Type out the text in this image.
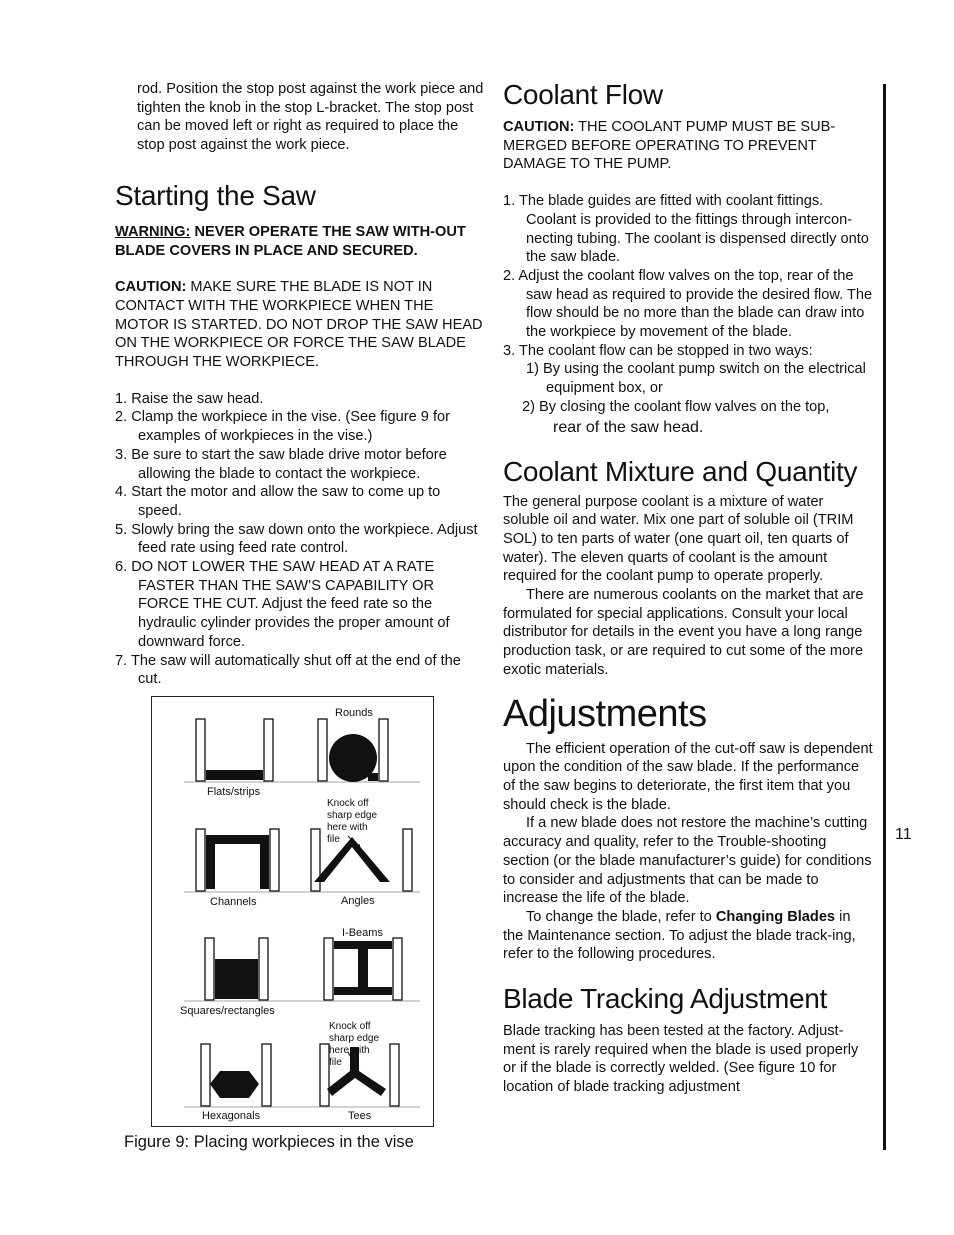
rod. Position the stop post against the work piece and tighten the knob in the stop L-bracket. The stop post can be moved left or right as required to place the stop post against the work piece.

Starting the Saw

WARNING: NEVER OPERATE THE SAW WITH-OUT BLADE COVERS IN PLACE AND SECURED.

CAUTION: MAKE SURE THE BLADE IS NOT IN CONTACT WITH THE WORKPIECE WHEN THE MOTOR IS STARTED. DO NOT DROP THE SAW HEAD ON THE WORKPIECE OR FORCE THE SAW BLADE THROUGH THE WORKPIECE.

1. Raise the saw head.
2. Clamp the workpiece in the vise. (See figure 9 for examples of workpieces in the vise.)
3. Be sure to start the saw blade drive motor before allowing the blade to contact the workpiece.
4. Start the motor and allow the saw to come up to speed.
5. Slowly bring the saw down onto the workpiece. Adjust feed rate using feed rate control.
6. DO NOT LOWER THE SAW HEAD AT A RATE FASTER THAN THE SAW’S CAPABILITY OR FORCE THE CUT. Adjust the feed rate so the hydraulic cylinder provides the proper amount of downward force.
7. The saw will automatically shut off at the end of the cut.
Rounds
Flats/strips
Knock off
sharp edge
here with
file
Channels	Angles
I-Beams
Squares/rectangles
Knock off
sharp edge
here with
file
Hexagonals	Tees
Figure 9: Placing workpieces in the vise
Coolant Flow

CAUTION: THE COOLANT PUMP MUST BE SUB-MERGED BEFORE OPERATING TO PREVENT DAMAGE TO THE PUMP.

1. The blade guides are fitted with coolant fittings. Coolant is provided to the fittings through intercon-necting tubing. The coolant is dispensed directly onto the saw blade.
2. Adjust the coolant flow valves on the top, rear of the saw head as required to provide the desired flow. The flow should be no more than the blade can draw into the workpiece by movement of the blade.
3. The coolant flow can be stopped in two ways:

1) By using the coolant pump switch on the electrical equipment box, or

2) By closing the coolant flow valves on the top,

rear of the saw head.

Coolant Mixture and Quantity

The general purpose coolant is a mixture of water soluble oil and water. Mix one part of soluble oil (TRIM SOL) to ten parts of water (one quart oil, ten quarts of water). The eleven quarts of coolant is the amount required for the coolant pump to operate properly.

There are numerous coolants on the market that are formulated for special applications. Consult your local distributor for details in the event you have a long range production task, or are required to cut some of the more exotic materials.

Adjustments

The efficient operation of the cut-off saw is dependent upon the condition of the saw blade. If the performance of the saw begins to deteriorate, the first item that you should check is the blade.

If a new blade does not restore the machine’s cutting accuracy and quality, refer to the Trouble-shooting section (or the blade manufacturer’s guide) for conditions to consider and adjustments that can be made to increase the life of the blade.

To change the blade, refer to Changing Blades in the Maintenance section. To adjust the blade track-ing, refer to the following procedures.

Blade Tracking Adjustment

Blade tracking has been tested at the factory. Adjust-ment is rarely required when the blade is used properly or if the blade is correctly welded. (See figure 10 for location of blade tracking adjustment

11
